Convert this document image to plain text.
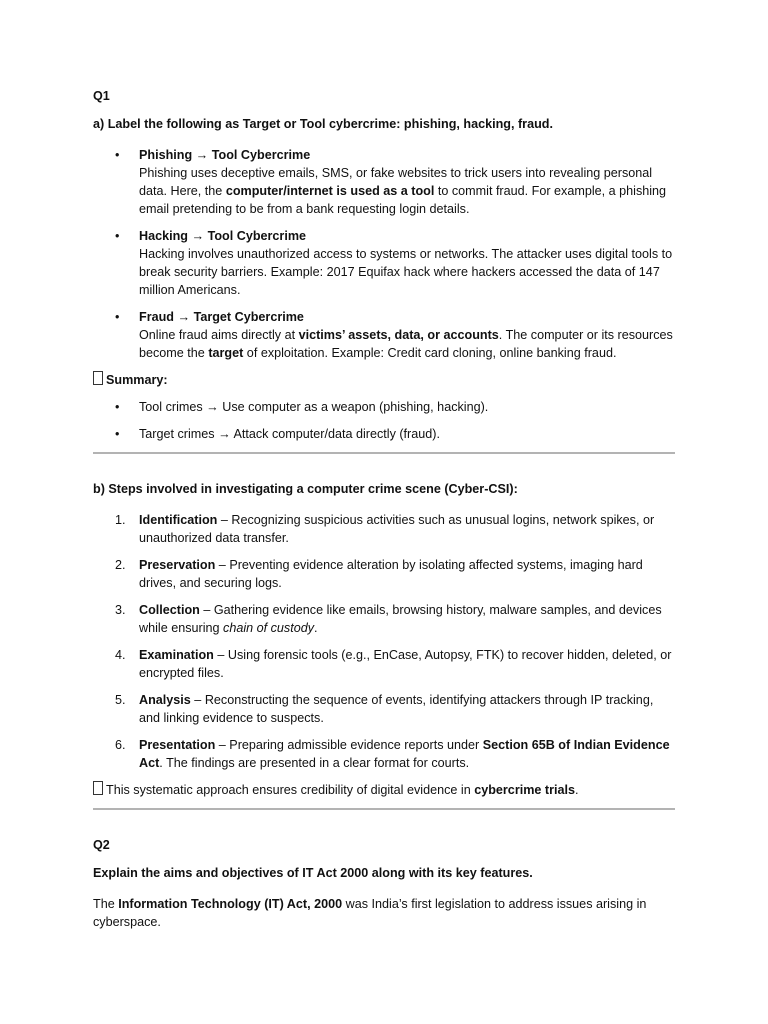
Q1

a) Label the following as Target or Tool cybercrime: phishing, hacking, fraud.

• Phishing → Tool Cybercrime
Phishing uses deceptive emails, SMS, or fake websites to trick users into revealing personal data. Here, the computer/internet is used as a tool to commit fraud. For example, a phishing email pretending to be from a bank requesting login details.
• Hacking → Tool Cybercrime
Hacking involves unauthorized access to systems or networks. The attacker uses digital tools to break security barriers. Example: 2017 Equifax hack where hackers accessed the data of 147 million Americans.
• Fraud → Target Cybercrime
Online fraud aims directly at victims’ assets, data, or accounts. The computer or its resources become the target of exploitation. Example: Credit card cloning, online banking fraud.

Summary:

• Tool crimes → Use computer as a weapon (phishing, hacking).
• Target crimes → Attack computer/data directly (fraud).

b) Steps involved in investigating a computer crime scene (Cyber-CSI):

1. Identification – Recognizing suspicious activities such as unusual logins, network spikes, or unauthorized data transfer.
2. Preservation – Preventing evidence alteration by isolating affected systems, imaging hard drives, and securing logs.
3. Collection – Gathering evidence like emails, browsing history, malware samples, and devices while ensuring chain of custody.
4. Examination – Using forensic tools (e.g., EnCase, Autopsy, FTK) to recover hidden, deleted, or encrypted files.
5. Analysis – Reconstructing the sequence of events, identifying attackers through IP tracking, and linking evidence to suspects.
6. Presentation – Preparing admissible evidence reports under Section 65B of Indian Evidence Act. The findings are presented in a clear format for courts.

This systematic approach ensures credibility of digital evidence in cybercrime trials.

Q2

Explain the aims and objectives of IT Act 2000 along with its key features.

The Information Technology (IT) Act, 2000 was India’s first legislation to address issues arising in cyberspace.
